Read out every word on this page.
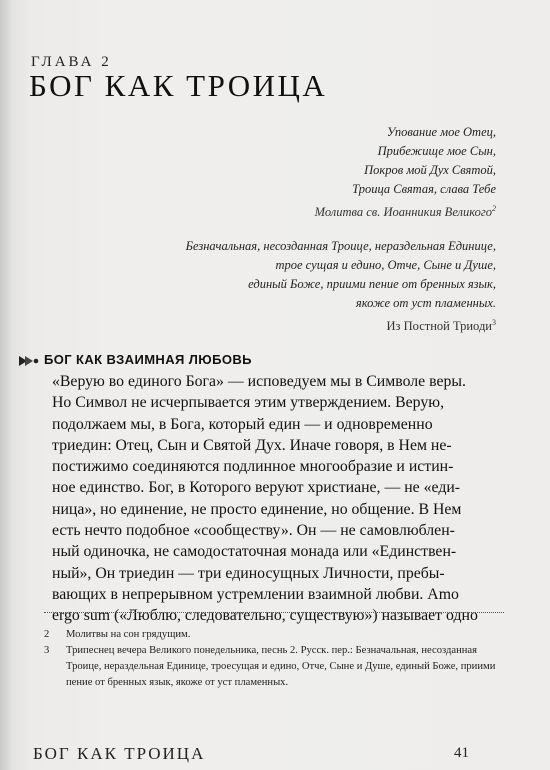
ГЛАВА 2
БОГ КАК ТРОИЦА
Упование мое Отец,
Прибежище мое Сын,
Покров мой Дух Святой,
Троица Святая, слава Тебе
Молитва св. Иоанникия Великого$^2$
Безначальная, несозданная Троице, нераздельная Единице,
трое сущая и едино, Отче, Сыне и Душе,
единый Боже, приими пение от бренных язык,
якоже от уст пламенных.
Из Постной Триоди$^3$
БОГ КАК ВЗАИМНАЯ ЛЮБОВЬ

«Верую во единого Бога» — исповедуем мы в Символе веры.

Но Символ не исчерпывается этим утверждением. Верую,

подолжаем мы, в Бога, который един — и одновременно

триедин: Отец, Сын и Святой Дух. Иначе говоря, в Нем не-

постижимо соединяются подлинное многообразие и истин-

ное единство. Бог, в Которого веруют христиане, — не «еди-

ница», но единение, не просто единение, но общение. В Нем

есть нечто подобное «сообществу». Он — не самовлюблен-

ный одиночка, не самодостаточная монада или «Единствен-

ный», Он триедин — три единосущных Личности, пребы-

вающих в непрерывном устремлении взаимной любви. Amo

ergo sum («Люблю, следовательно, существую») называет одно

2	Молитвы на сон грядущим.
3	Трипеснец вечера Великого понедельника, песнь 2. Русск. пер.: Безначальная, несозданная Троице, нераздельная Единице, троесущая и едино, Отче, Сыне и Душе, единый Боже, приими пение от бренных язык, якоже от уст пламенных.
БОГ КАК ТРОИЦА	41
